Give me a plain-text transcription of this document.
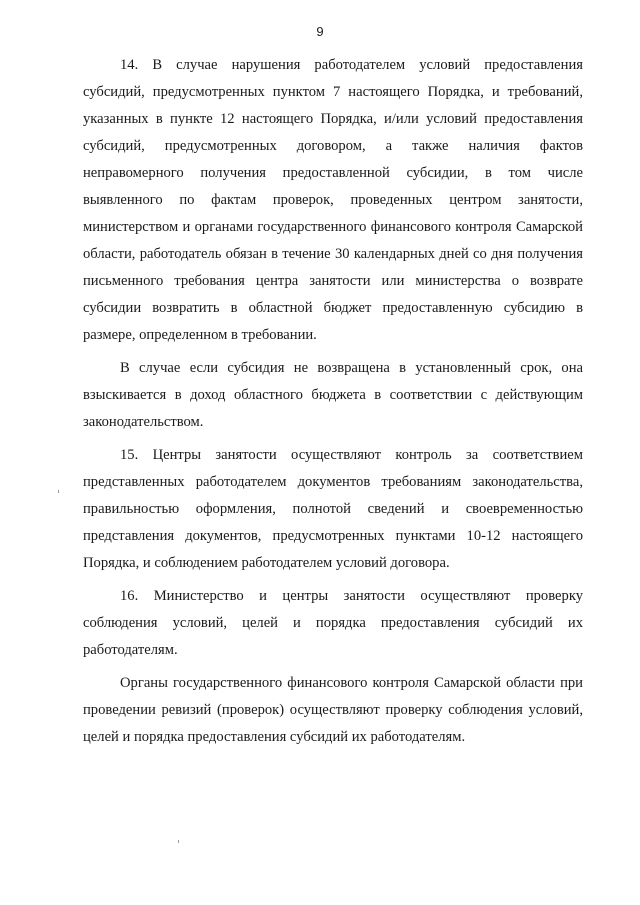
9

14. В случае нарушения работодателем условий предоставления субсидий, предусмотренных пунктом 7 настоящего Порядка, и требований, указанных в пункте 12 настоящего Порядка, и/или условий предоставления субсидий, предусмотренных договором, а также наличия фактов неправомерного получения предоставленной субсидии, в том числе выявленного по фактам проверок, проведенных центром занятости, министерством и органами государственного финансового контроля Самарской области, работодатель обязан в течение 30 календарных дней со дня получения письменного требования центра занятости или министерства о возврате субсидии возвратить в областной бюджет предоставленную субсидию в размере, определенном в требовании.

В случае если субсидия не возвращена в установленный срок, она взыскивается в доход областного бюджета в соответствии с действующим законодательством.

15. Центры занятости осуществляют контроль за соответствием представленных работодателем документов требованиям законодательства, правильностью оформления, полнотой сведений и своевременностью представления документов, предусмотренных пунктами 10-12 настоящего Порядка, и соблюдением работодателем условий договора.

16. Министерство и центры занятости осуществляют проверку соблюдения условий, целей и порядка предоставления субсидий их работодателям.

Органы государственного финансового контроля Самарской области при проведении ревизий (проверок) осуществляют проверку соблюдения условий, целей и порядка предоставления субсидий их работодателям.
